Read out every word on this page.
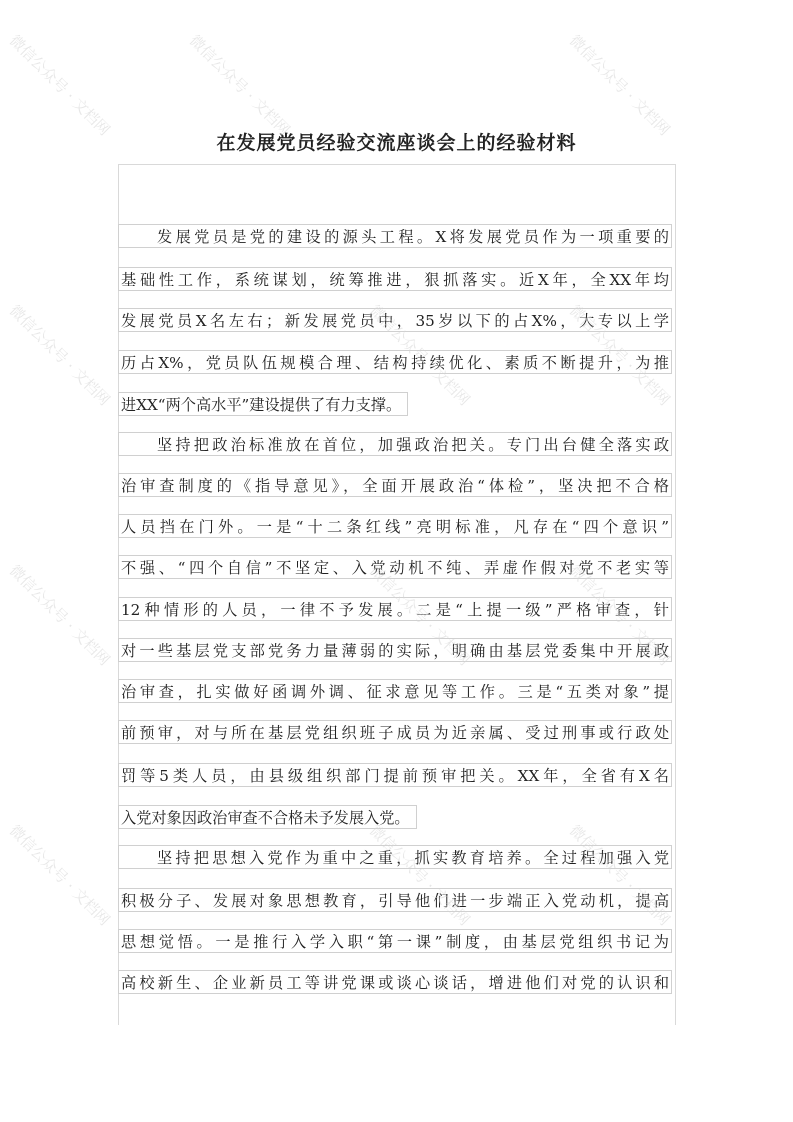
在发展党员经验交流座谈会上的经验材料
发展党员是党的建设的源头工程。X将发展党员作为一项重要的
基础性工作，系统谋划，统筹推进，狠抓落实。近X年，全XX年均
发展党员X名左右；新发展党员中，35岁以下的占X%，大专以上学
历占X%，党员队伍规模合理、结构持续优化、素质不断提升，为推
进XX“两个高水平”建设提供了有力支撑。
坚持把政治标准放在首位，加强政治把关。专门出台健全落实政
治审查制度的《指导意见》，全面开展政治“体检”，坚决把不合格
人员挡在门外。一是“十二条红线”亮明标准，凡存在“四个意识”
不强、“四个自信”不坚定、入党动机不纯、弄虚作假对党不老实等
12种情形的人员，一律不予发展。二是“上提一级”严格审查，针
对一些基层党支部党务力量薄弱的实际，明确由基层党委集中开展政
治审查，扎实做好函调外调、征求意见等工作。三是“五类对象”提
前预审，对与所在基层党组织班子成员为近亲属、受过刑事或行政处
罚等5类人员，由县级组织部门提前预审把关。XX年，全省有X名
入党对象因政治审查不合格未予发展入党。
坚持把思想入党作为重中之重，抓实教育培养。全过程加强入党
积极分子、发展对象思想教育，引导他们进一步端正入党动机，提高
思想觉悟。一是推行入学入职“第一课”制度，由基层党组织书记为
高校新生、企业新员工等讲党课或谈心谈话，增进他们对党的认识和
微信公众号 · 文档网	微信公众号 · 文档网	微信公众号 · 文档网
微信公众号 · 文档网	微信公众号 · 文档网	微信公众号 · 文档网
微信公众号 · 文档网	微信公众号 · 文档网	微信公众号 · 文档网
微信公众号 · 文档网	微信公众号 · 文档网	微信公众号 · 文档网
